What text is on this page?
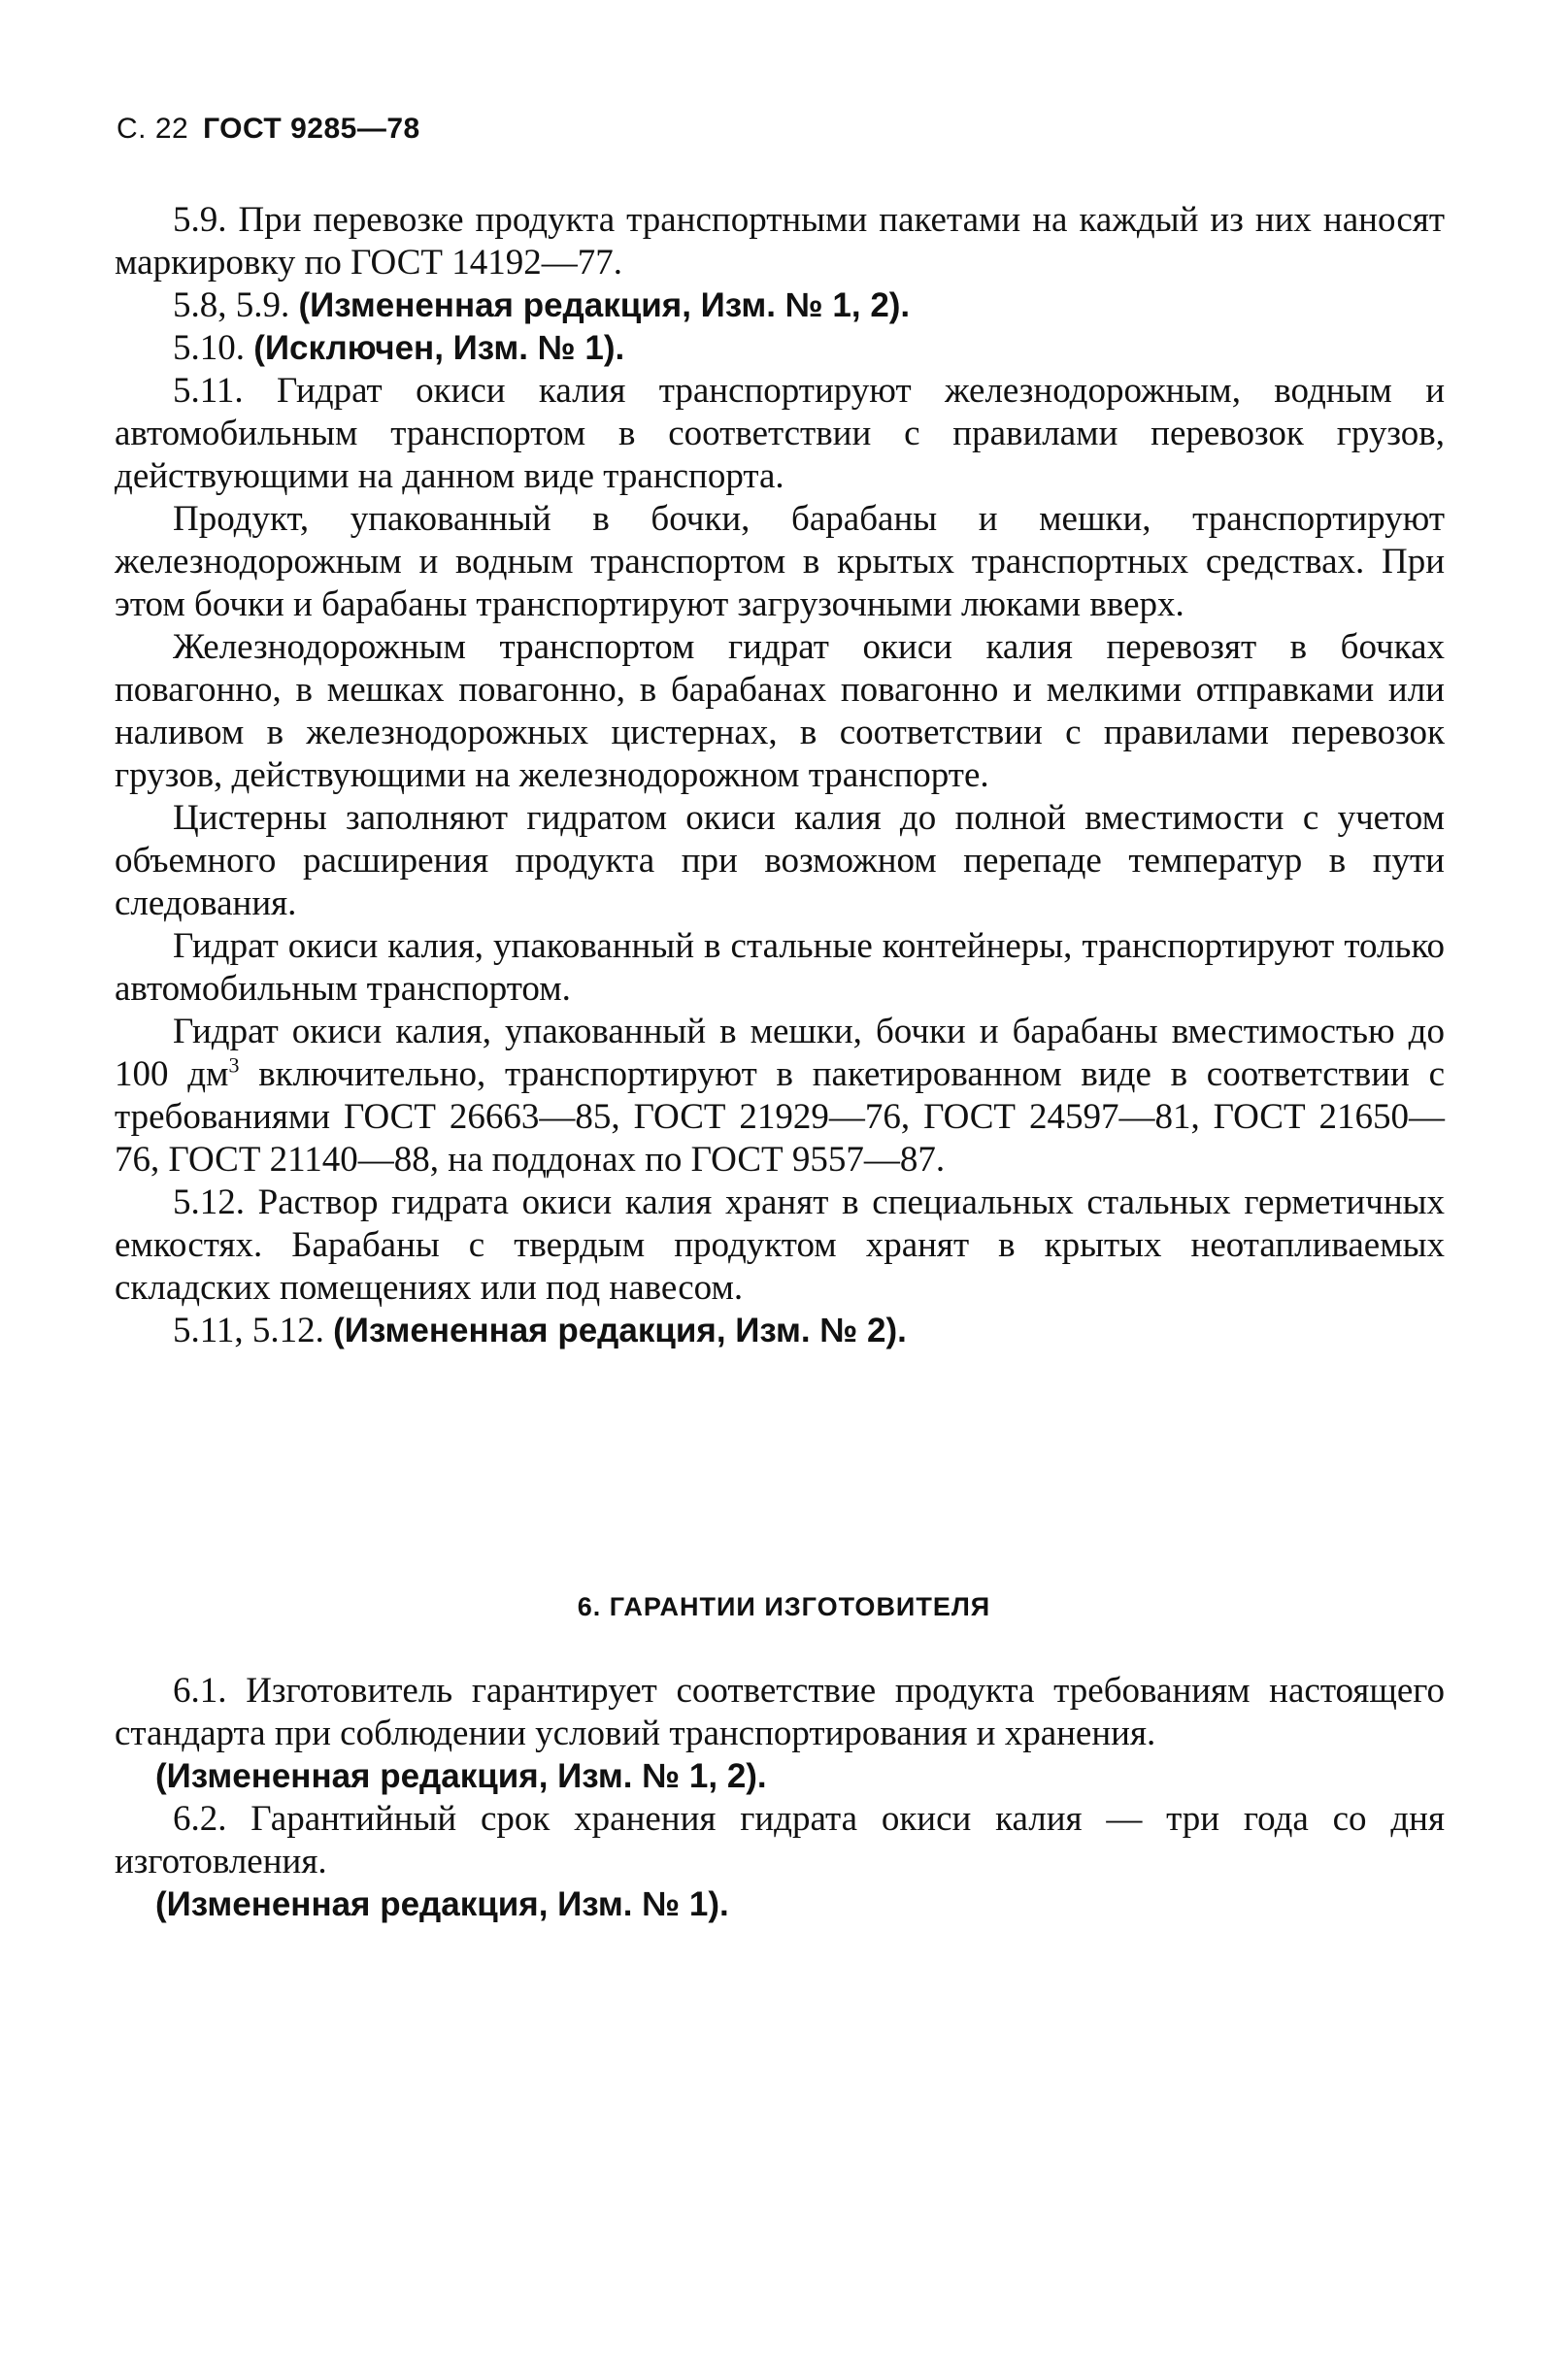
С. 22 ГОСТ 9285—78

5.9. При перевозке продукта транспортными пакетами на каждый из них наносят маркировку по ГОСТ 14192—77.

5.8, 5.9. (Измененная редакция, Изм. № 1, 2).

5.10. (Исключен, Изм. № 1).

5.11. Гидрат окиси калия транспортируют железнодорожным, водным и автомобильным транспортом в соответствии с правилами перевозок грузов, действующими на данном виде транспорта.

Продукт, упакованный в бочки, барабаны и мешки, транспортируют железнодорожным и водным транспортом в крытых транспортных средствах. При этом бочки и барабаны транспортируют загрузочными люками вверх.

Железнодорожным транспортом гидрат окиси калия перевозят в бочках повагонно, в мешках повагонно, в барабанах повагонно и мелкими отправками или наливом в железнодорожных цистернах, в соответствии с правилами перевозок грузов, действующими на железнодорожном транспорте.

Цистерны заполняют гидратом окиси калия до полной вместимости с учетом объемного расширения продукта при возможном перепаде температур в пути следования.

Гидрат окиси калия, упакованный в стальные контейнеры, транспортируют только автомобильным транспортом.

Гидрат окиси калия, упакованный в мешки, бочки и барабаны вместимостью до 100 $дм^3$ включительно, транспортируют в пакетированном виде в соответствии с требованиями ГОСТ 26663—85, ГОСТ 21929—76, ГОСТ 24597—81, ГОСТ 21650—76, ГОСТ 21140—88, на поддонах по ГОСТ 9557—87.

5.12. Раствор гидрата окиси калия хранят в специальных стальных герметичных емкостях. Барабаны с твердым продуктом хранят в крытых неотапливаемых складских помещениях или под навесом.

5.11, 5.12. (Измененная редакция, Изм. № 2).

6. ГАРАНТИИ ИЗГОТОВИТЕЛЯ

6.1. Изготовитель гарантирует соответствие продукта требованиям настоящего стандарта при соблюдении условий транспортирования и хранения.

(Измененная редакция, Изм. № 1, 2).

6.2. Гарантийный срок хранения гидрата окиси калия — три года со дня изготовления.

(Измененная редакция, Изм. № 1).
